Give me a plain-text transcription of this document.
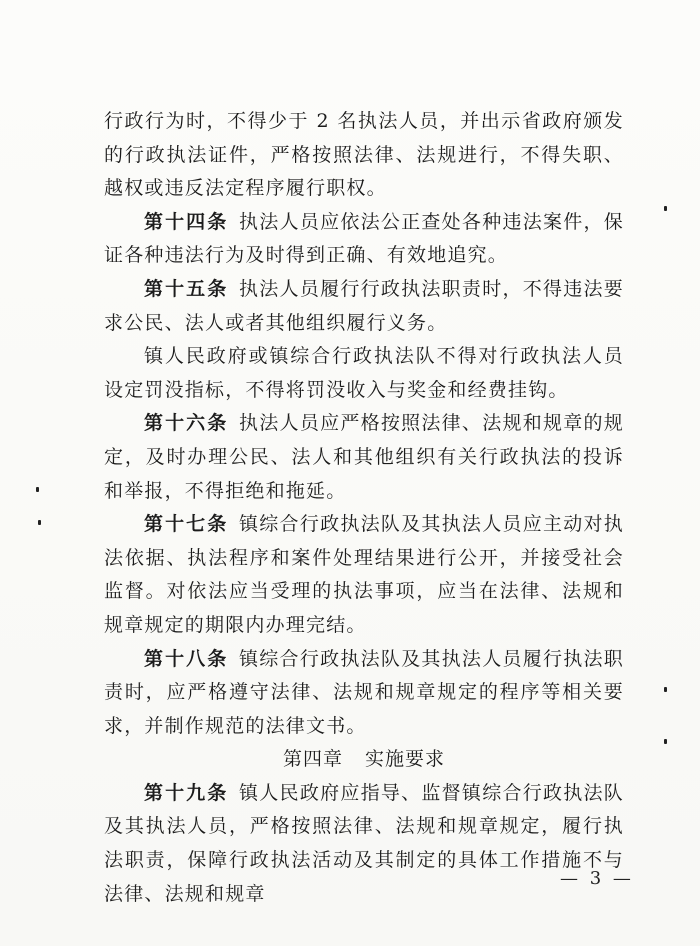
行政行为时，不得少于 2 名执法人员，并出示省政府颁发的行政执法证件，严格按照法律、法规进行，不得失职、越权或违反法定程序履行职权。

第十四条  执法人员应依法公正查处各种违法案件，保证各种违法行为及时得到正确、有效地追究。

第十五条  执法人员履行行政执法职责时，不得违法要求公民、法人或者其他组织履行义务。

镇人民政府或镇综合行政执法队不得对行政执法人员设定罚没指标，不得将罚没收入与奖金和经费挂钩。

第十六条  执法人员应严格按照法律、法规和规章的规定，及时办理公民、法人和其他组织有关行政执法的投诉和举报，不得拒绝和拖延。

第十七条  镇综合行政执法队及其执法人员应主动对执法依据、执法程序和案件处理结果进行公开，并接受社会监督。对依法应当受理的执法事项，应当在法律、法规和规章规定的期限内办理完结。

第十八条  镇综合行政执法队及其执法人员履行执法职责时，应严格遵守法律、法规和规章规定的程序等相关要求，并制作规范的法律文书。

第四章 实施要求

第十九条  镇人民政府应指导、监督镇综合行政执法队及其执法人员，严格按照法律、法规和规章规定，履行执法职责，保障行政执法活动及其制定的具体工作措施不与法律、法规和规章

— 3 —
